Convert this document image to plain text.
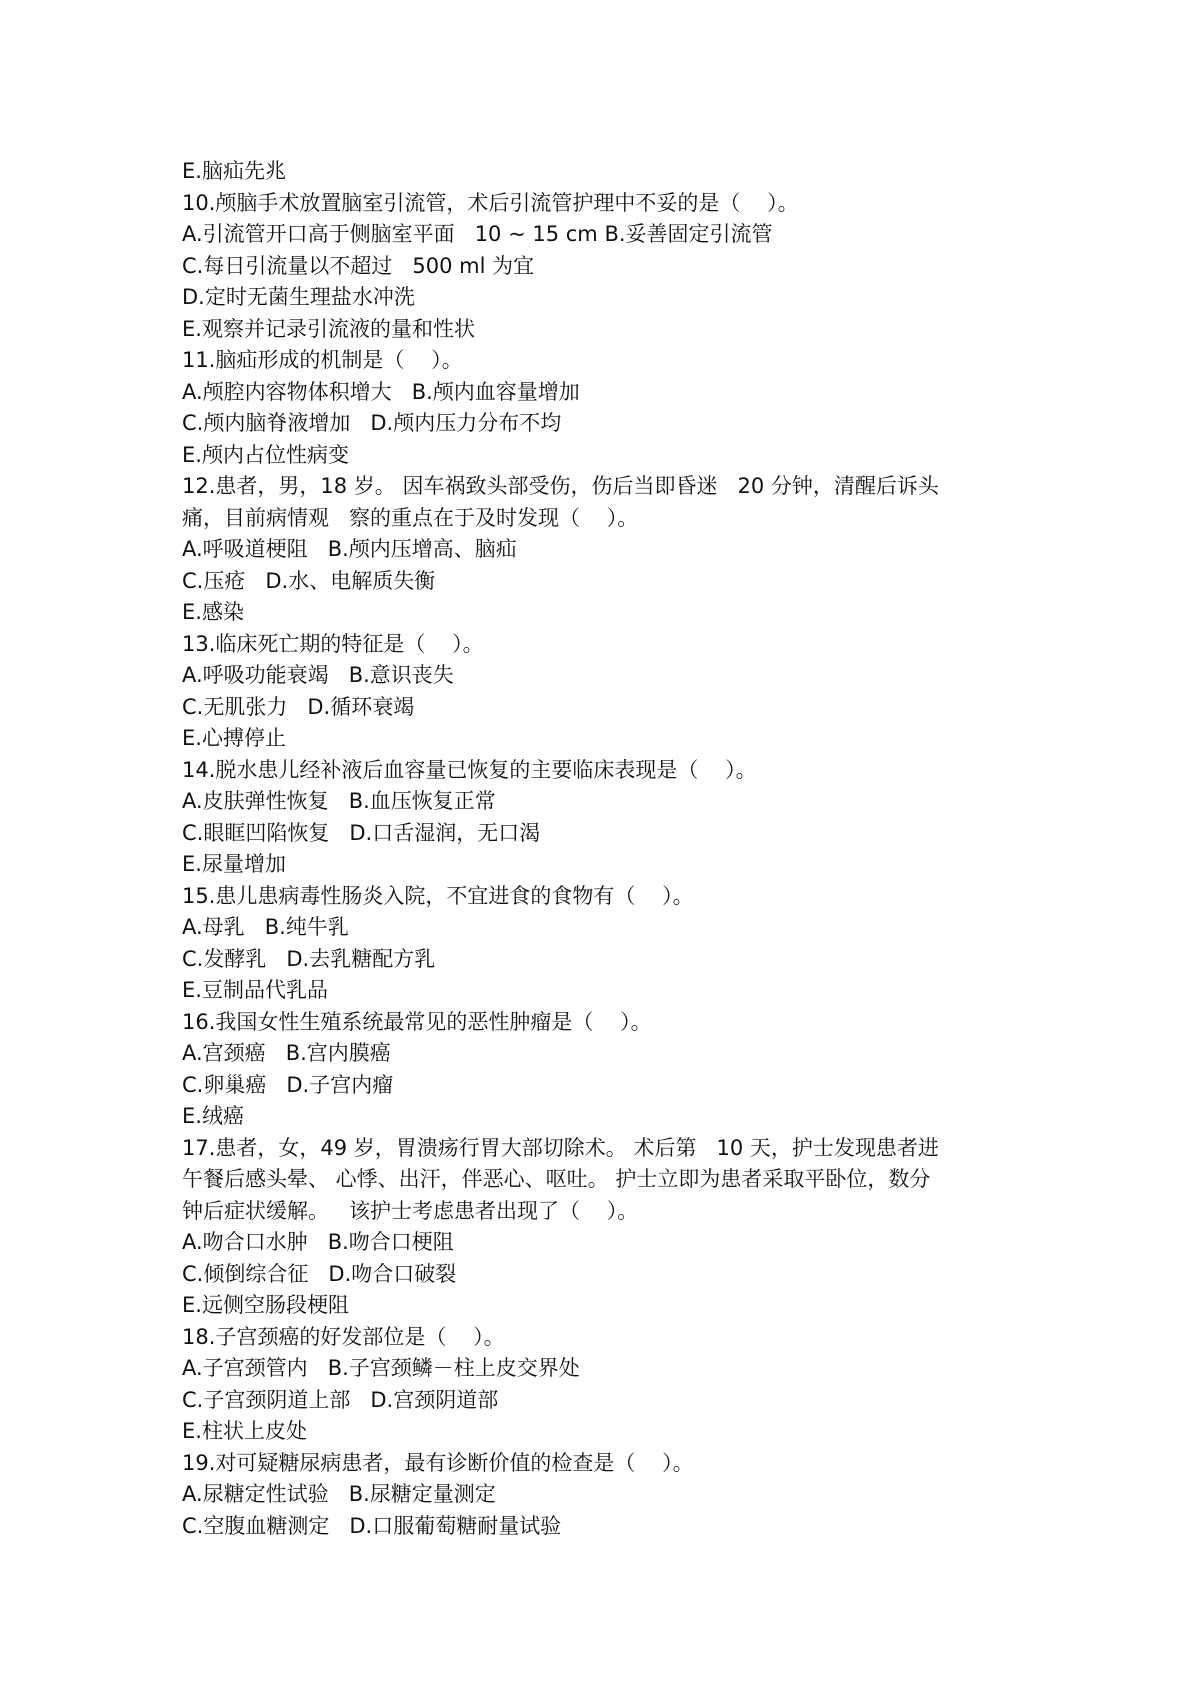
E.脑疝先兆
10.颅脑手术放置脑室引流管，术后引流管护理中不妥的是（    ）。
A.引流管开口高于侧脑室平面   10 ~ 15 cm B.妥善固定引流管
C.每日引流量以不超过   500 ml 为宜
D.定时无菌生理盐水冲洗
E.观察并记录引流液的量和性状
11.脑疝形成的机制是（    ）。
A.颅腔内容物体积增大   B.颅内血容量增加
C.颅内脑脊液增加   D.颅内压力分布不均
E.颅内占位性病变
12.患者，男，18 岁。 因车祸致头部受伤，伤后当即昏迷   20 分钟，清醒后诉头
痛，目前病情观   察的重点在于及时发现（    ）。
A.呼吸道梗阻   B.颅内压增高、脑疝
C.压疮   D.水、电解质失衡
E.感染
13.临床死亡期的特征是（    ）。
A.呼吸功能衰竭   B.意识丧失
C.无肌张力   D.循环衰竭
E.心搏停止
14.脱水患儿经补液后血容量已恢复的主要临床表现是（    ）。
A.皮肤弹性恢复   B.血压恢复正常
C.眼眶凹陷恢复   D.口舌湿润，无口渴
E.尿量增加
15.患儿患病毒性肠炎入院，不宜进食的食物有（    ）。
A.母乳   B.纯牛乳
C.发酵乳   D.去乳糖配方乳
E.豆制品代乳品
16.我国女性生殖系统最常见的恶性肿瘤是（    ）。
A.宫颈癌   B.宫内膜癌
C.卵巢癌   D.子宫内瘤
E.绒癌
17.患者，女，49 岁，胃溃疡行胃大部切除术。 术后第   10 天，护士发现患者进
午餐后感头晕、 心悸、出汗，伴恶心、呕吐。 护士立即为患者采取平卧位，数分
钟后症状缓解。   该护士考虑患者出现了（    ）。
A.吻合口水肿   B.吻合口梗阻
C.倾倒综合征   D.吻合口破裂
E.远侧空肠段梗阻
18.子宫颈癌的好发部位是（    ）。
A.子宫颈管内   B.子宫颈鳞－柱上皮交界处
C.子宫颈阴道上部   D.宫颈阴道部
E.柱状上皮处
19.对可疑糖尿病患者，最有诊断价值的检查是（    ）。
A.尿糖定性试验   B.尿糖定量测定
C.空腹血糖测定   D.口服葡萄糖耐量试验
